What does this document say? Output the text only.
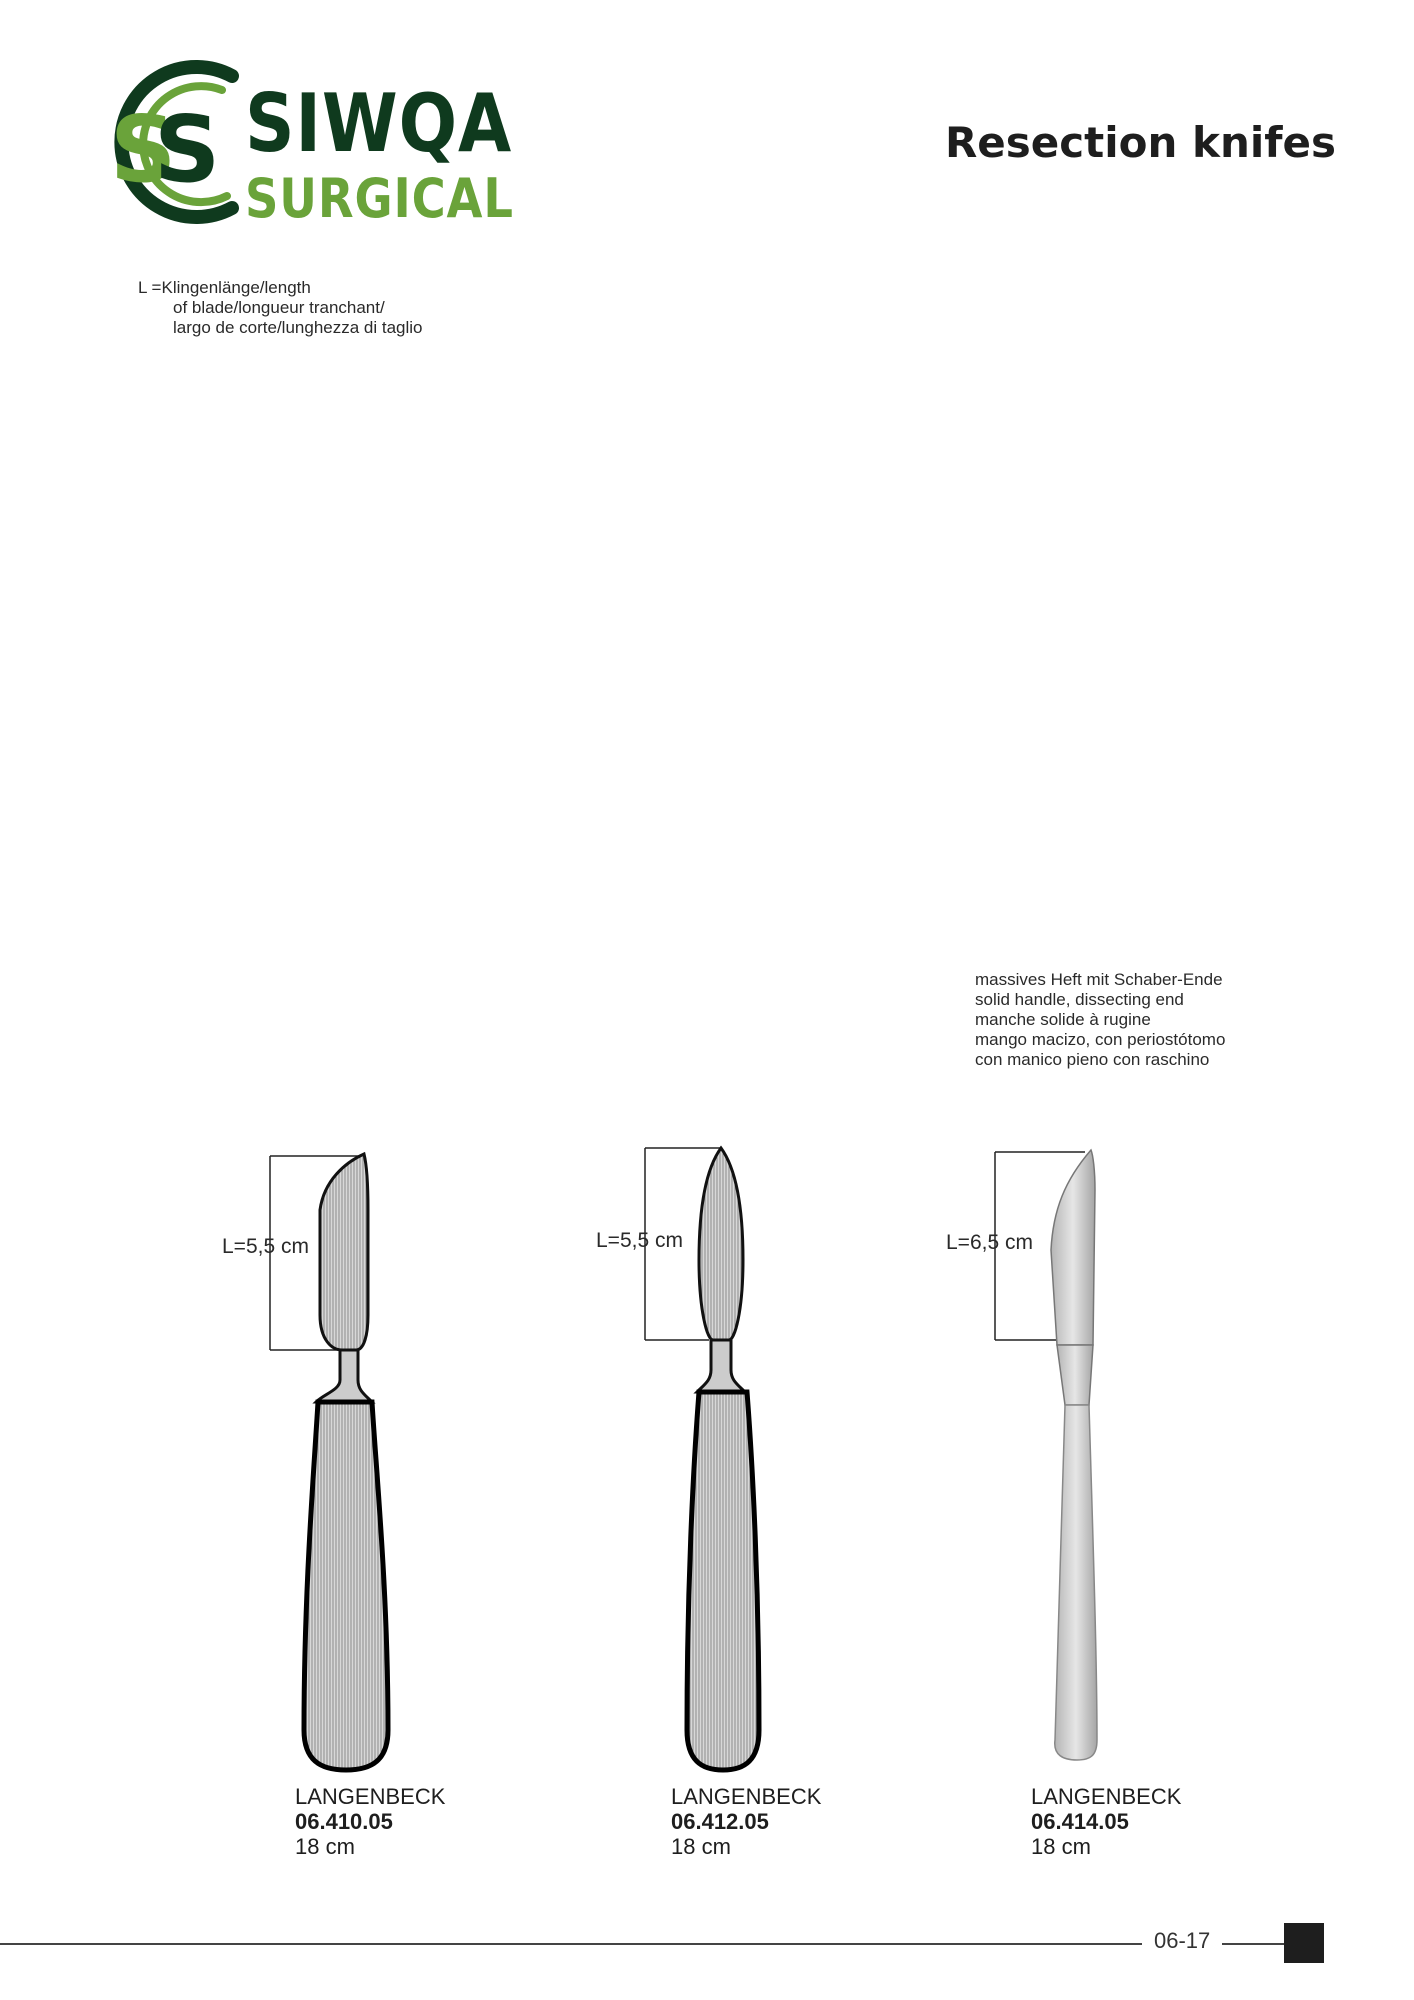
S
S SIWQA
SURGICAL
Resection knifes
L =Klingenlänge/length
of blade/longueur tranchant/
largo de corte/lunghezza di taglio
massives Heft mit Schaber-Ende
solid handle, dissecting end
manche solide à rugine
mango macizo, con periostótomo
con manico pieno con raschino
L=5,5 cm	L=5,5 cm	L=6,5 cm
LANGENBECK
06.410.05
18 cm
LANGENBECK
06.412.05
18 cm
LANGENBECK
06.414.05
18 cm
06-17
